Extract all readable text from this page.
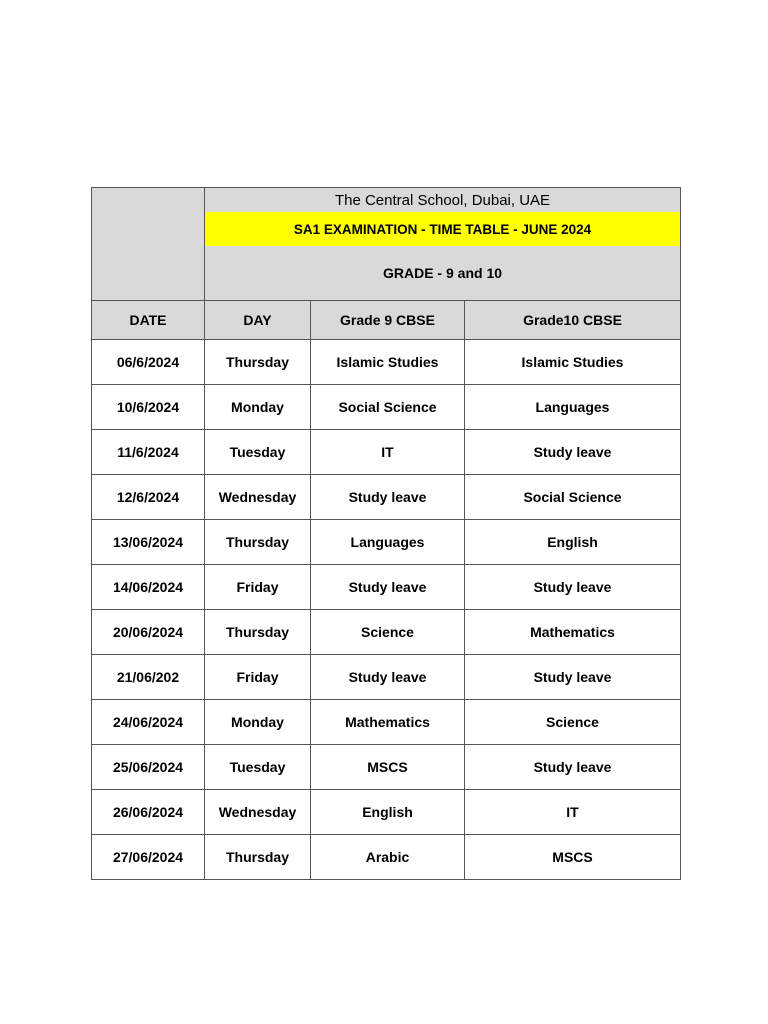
	The Central School, Dubai, UAE		
	SA1 EXAMINATION - TIME TABLE - JUNE 2024		
	GRADE - 9 and 10		
DATE	DAY	Grade 9 CBSE	Grade10 CBSE
06/6/2024	Thursday	Islamic Studies	Islamic Studies
10/6/2024	Monday	Social Science	Languages
11/6/2024	Tuesday	IT	Study leave
12/6/2024	Wednesday	Study leave	Social Science
13/06/2024	Thursday	Languages	English
14/06/2024	Friday	Study leave	Study leave
20/06/2024	Thursday	Science	Mathematics
21/06/202	Friday	Study leave	Study leave
24/06/2024	Monday	Mathematics	Science
25/06/2024	Tuesday	MSCS	Study leave
26/06/2024	Wednesday	English	IT
27/06/2024	Thursday	Arabic	MSCS
